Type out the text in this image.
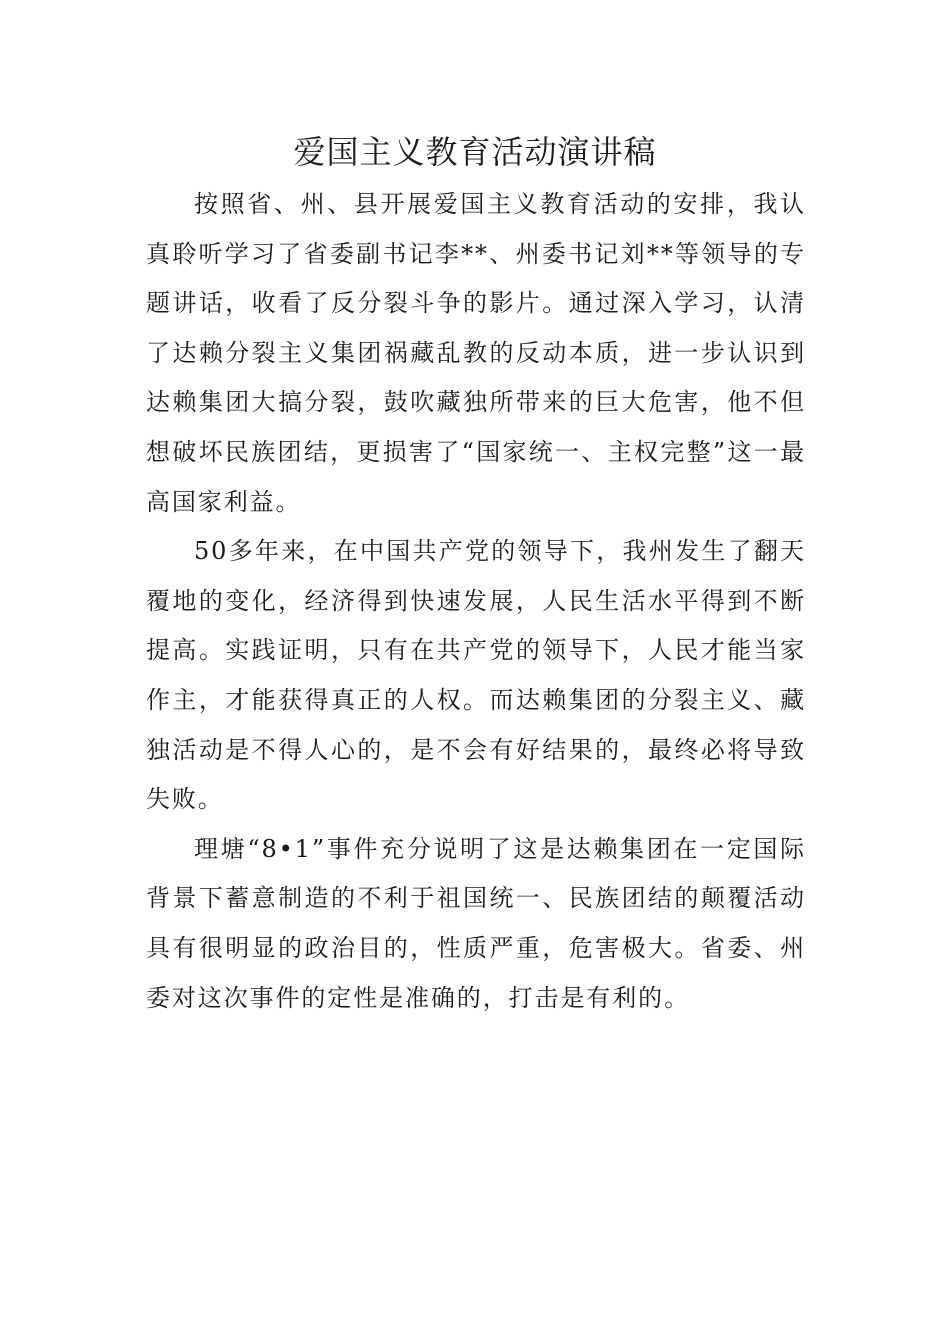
爱国主义教育活动演讲稿

按照省、州、县开展爱国主义教育活动的安排，我认真聆听学习了省委副书记李**、州委书记刘**等领导的专题讲话，收看了反分裂斗争的影片。通过深入学习，认清了达赖分裂主义集团祸藏乱教的反动本质，进一步认识到达赖集团大搞分裂，鼓吹藏独所带来的巨大危害，他不但想破坏民族团结，更损害了“国家统一、主权完整”这一最高国家利益。

50多年来，在中国共产党的领导下，我州发生了翻天覆地的变化，经济得到快速发展，人民生活水平得到不断提高。实践证明，只有在共产党的领导下，人民才能当家作主，才能获得真正的人权。而达赖集团的分裂主义、藏独活动是不得人心的，是不会有好结果的，最终必将导致失败。

理塘“8•1”事件充分说明了这是达赖集团在一定国际背景下蓄意制造的不利于祖国统一、民族团结的颠覆活动具有很明显的政治目的，性质严重，危害极大。省委、州委对这次事件的定性是准确的，打击是有利的。
